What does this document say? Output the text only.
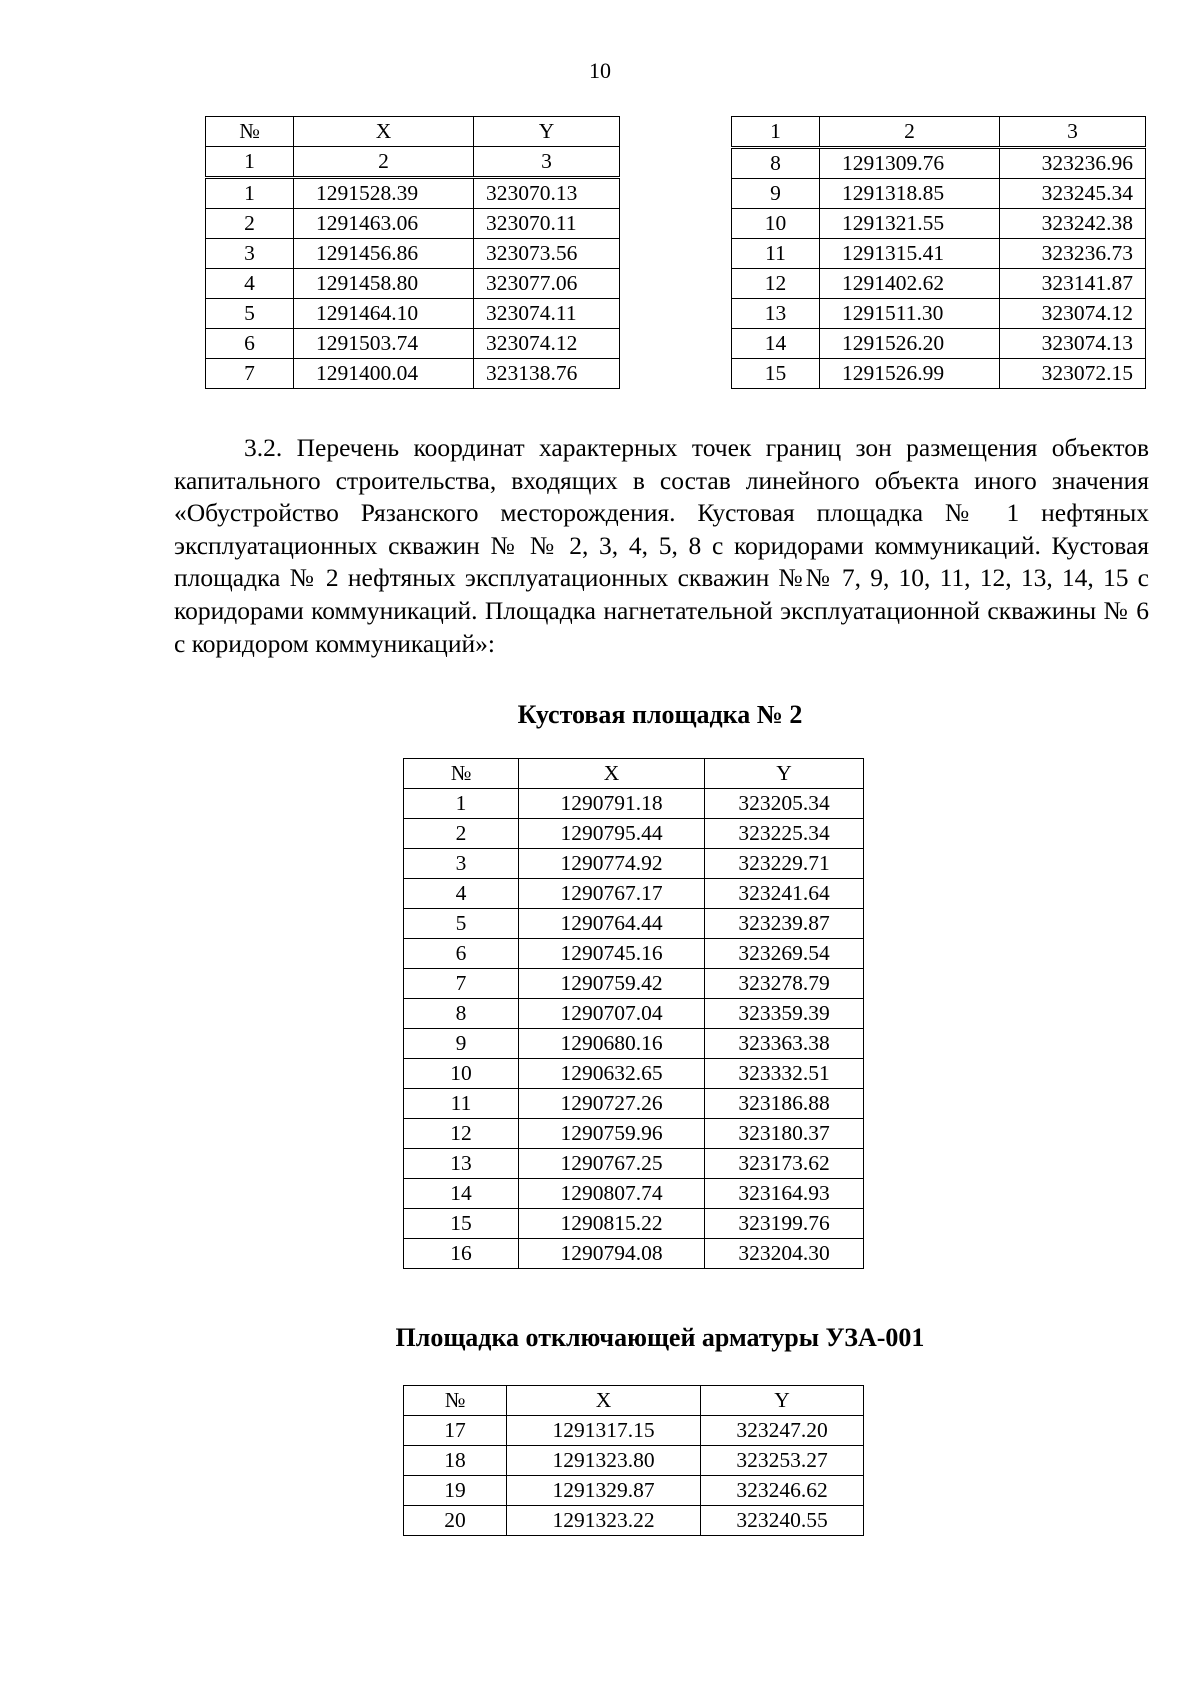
10
№	X	Y
1	2	3
1	1291528.39	323070.13
2	1291463.06	323070.11
3	1291456.86	323073.56
4	1291458.80	323077.06
5	1291464.10	323074.11
6	1291503.74	323074.12
7	1291400.04	323138.76
1	2	3
8	1291309.76	323236.96
9	1291318.85	323245.34
10	1291321.55	323242.38
11	1291315.41	323236.73
12	1291402.62	323141.87
13	1291511.30	323074.12
14	1291526.20	323074.13
15	1291526.99	323072.15

3.2. Перечень координат характерных точек границ зон размещения объектов капитального строительства, входящих в состав линейного объекта иного значения «Обустройство Рязанского месторождения. Кустовая площадка № 1 нефтяных эксплуатационных скважин № № 2, 3, 4, 5, 8 с коридорами коммуникаций. Кустовая площадка № 2 нефтяных эксплуатационных скважин №№ 7, 9, 10, 11, 12, 13, 14, 15 с коридорами коммуникаций. Площадка нагнетательной эксплуатационной скважины № 6 с коридором коммуникаций»:

Кустовая площадка № 2
№	X	Y
1	1290791.18	323205.34
2	1290795.44	323225.34
3	1290774.92	323229.71
4	1290767.17	323241.64
5	1290764.44	323239.87
6	1290745.16	323269.54
7	1290759.42	323278.79
8	1290707.04	323359.39
9	1290680.16	323363.38
10	1290632.65	323332.51
11	1290727.26	323186.88
12	1290759.96	323180.37
13	1290767.25	323173.62
14	1290807.74	323164.93
15	1290815.22	323199.76
16	1290794.08	323204.30
Площадка отключающей арматуры УЗА-001
№	X	Y
17	1291317.15	323247.20
18	1291323.80	323253.27
19	1291329.87	323246.62
20	1291323.22	323240.55
